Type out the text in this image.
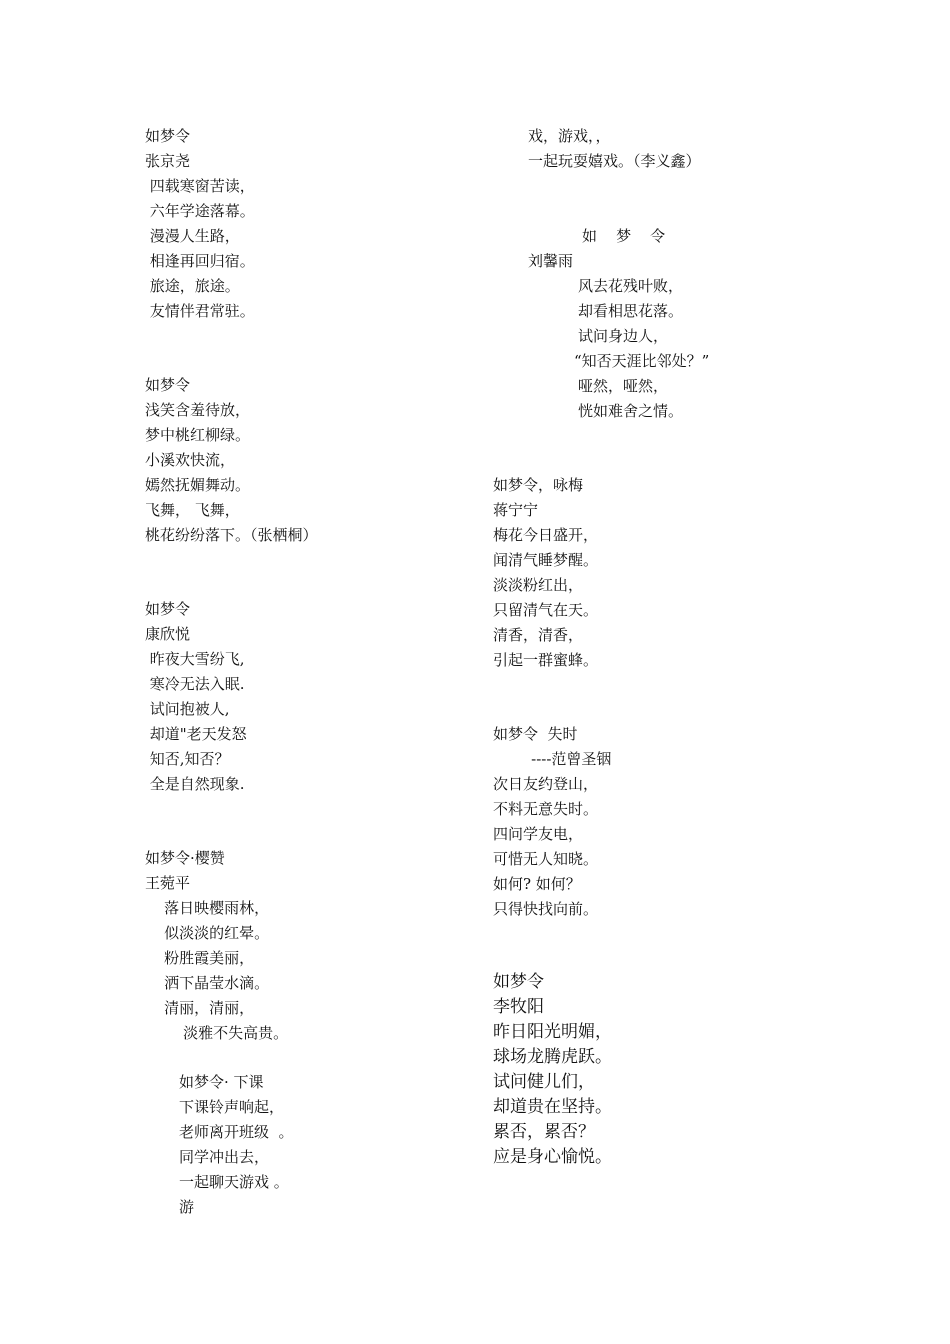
如梦令

张京尧

四载寒窗苦读，

六年学途落幕。

漫漫人生路，

相逢再回归宿。

旅途，旅途。

友情伴君常驻。

如梦令

浅笑含羞待放，

梦中桃红柳绿。

小溪欢快流，

嫣然抚媚舞动。

飞舞， 飞舞，

桃花纷纷落下。（张栖桐）

如梦令

康欣悦

昨夜大雪纷飞,

寒冷无法入眠.

试问抱被人,

却道"老天发怒

知否,知否？

全是自然现象.

如梦令·樱赞

王菀平

落日映樱雨林，

似淡淡的红晕。

粉胜霞美丽，

洒下晶莹水滴。

清丽，清丽，

淡雅不失高贵。

如梦令· 下课

下课铃声响起，

老师离开班级  。

同学冲出去，

一起聊天游戏 。

游

戏，游戏，，

一起玩耍嬉戏。（李义鑫）

如    梦    令

刘馨雨

风去花残叶败，

却看相思花落。

试问身边人，

“知否天涯比邻处？”

哑然，哑然，

恍如难舍之情。

如梦令，咏梅

蒋宁宁

梅花今日盛开，

闻清气睡梦醒。

淡淡粉红出，

只留清气在天。

清香，清香，

引起一群蜜蜂。

如梦令  失时

----范曾圣铟

次日友约登山，

不料无意失时。

四问学友电，

可惜无人知晓。

如何? 如何？

只得快找向前。

如梦令

李牧阳

昨日阳光明媚，

球场龙腾虎跃。

试问健儿们，

却道贵在坚持。

累否，累否？

应是身心愉悦。
